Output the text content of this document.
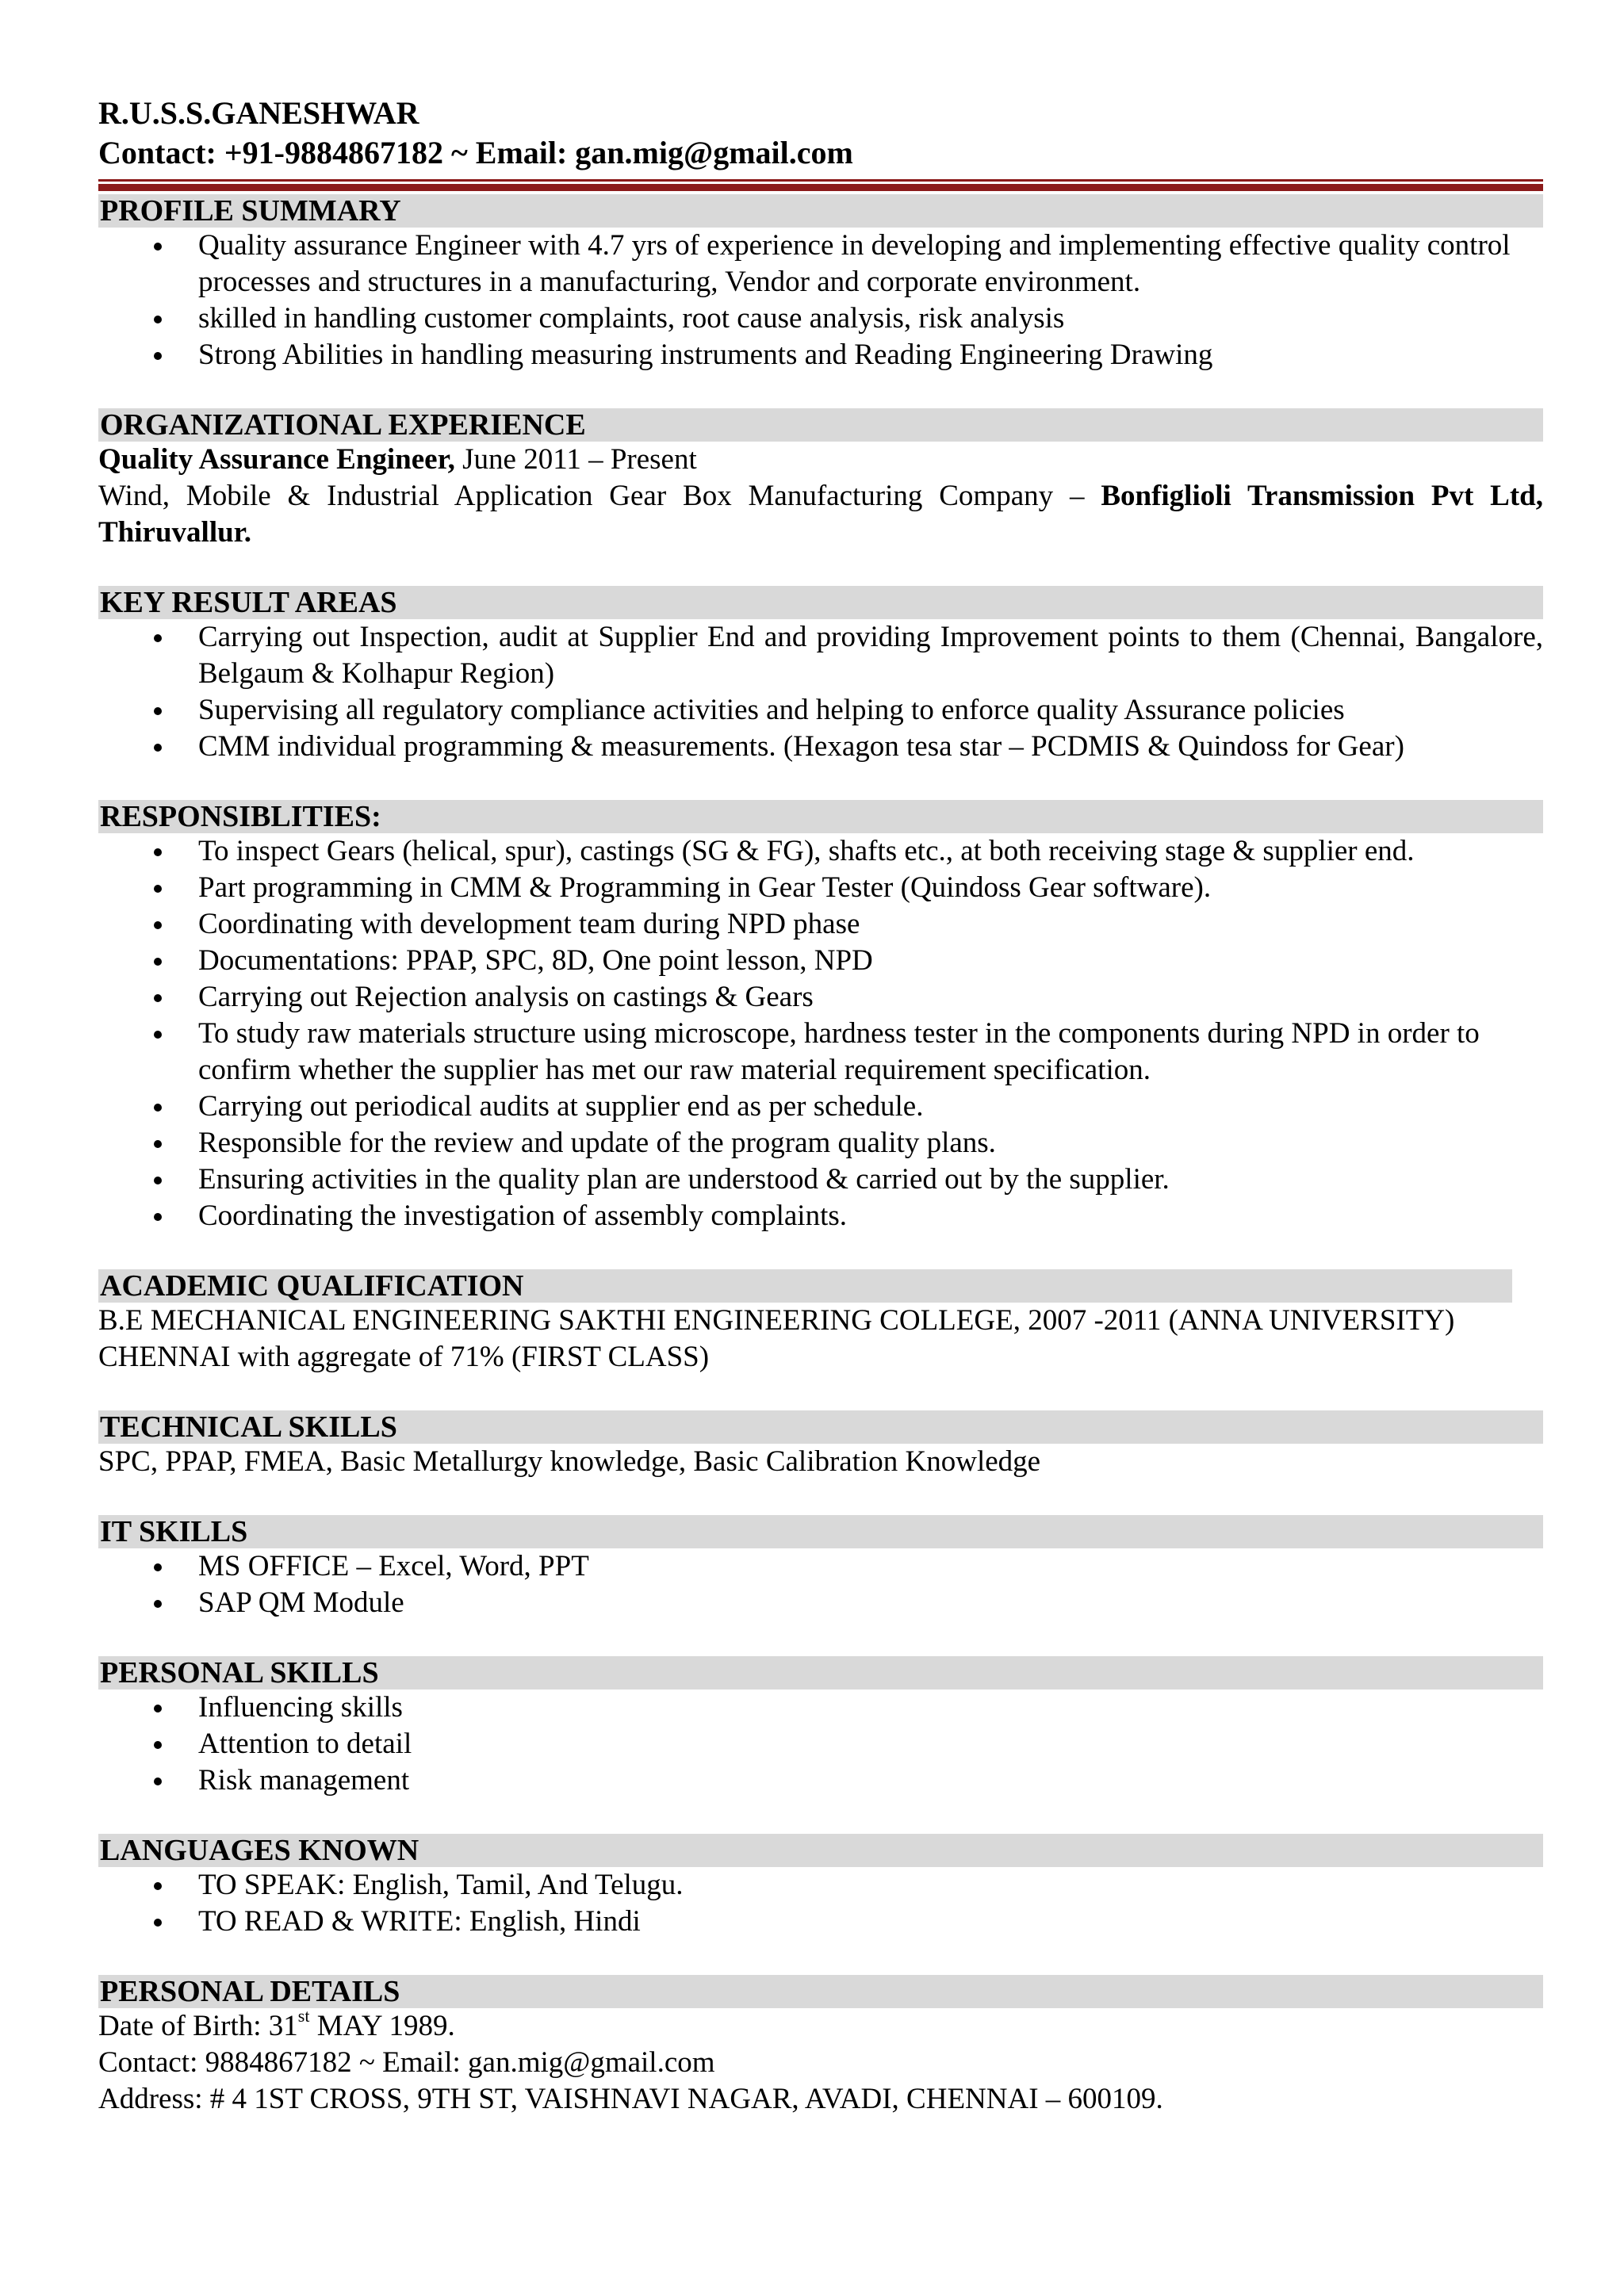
R.U.S.S.GANESHWAR
Contact: +91-9884867182 ~ Email: gan.mig@gmail.com
PROFILE SUMMARY
Quality assurance Engineer with 4.7 yrs of experience in developing and implementing effective quality control processes and structures in a manufacturing, Vendor and corporate environment.
skilled in handling customer complaints, root cause analysis, risk analysis
Strong Abilities in handling measuring instruments and Reading Engineering Drawing
ORGANIZATIONAL EXPERIENCE
Quality Assurance Engineer, June 2011 – Present
Wind, Mobile & Industrial Application Gear Box Manufacturing Company – Bonfiglioli Transmission Pvt Ltd, Thiruvallur.
KEY RESULT AREAS
Carrying out Inspection, audit at Supplier End and providing Improvement points to them (Chennai, Bangalore, Belgaum & Kolhapur Region)
Supervising all regulatory compliance activities and helping to enforce quality Assurance policies
CMM individual programming & measurements. (Hexagon tesa star – PCDMIS & Quindoss for Gear)
RESPONSIBLITIES:
To inspect Gears (helical, spur), castings (SG & FG), shafts etc., at both receiving stage & supplier end.
Part programming in CMM & Programming in Gear Tester (Quindoss Gear software).
Coordinating with development team during NPD phase
Documentations: PPAP, SPC, 8D, One point lesson, NPD
Carrying out Rejection analysis on castings & Gears
To study raw materials structure using microscope, hardness tester in the components during NPD in order to confirm whether the supplier has met our raw material requirement specification.
Carrying out periodical audits at supplier end as per schedule.
Responsible for the review and update of the program quality plans.
Ensuring activities in the quality plan are understood & carried out by the supplier.
Coordinating the investigation of assembly complaints.
ACADEMIC QUALIFICATION
B.E MECHANICAL ENGINEERING SAKTHI ENGINEERING COLLEGE, 2007 -2011 (ANNA UNIVERSITY)
CHENNAI with aggregate of 71% (FIRST CLASS)
TECHNICAL SKILLS
SPC, PPAP, FMEA, Basic Metallurgy knowledge, Basic Calibration Knowledge
IT SKILLS
MS OFFICE – Excel, Word, PPT
SAP QM Module
PERSONAL SKILLS
Influencing skills
Attention to detail
Risk management
LANGUAGES KNOWN
TO SPEAK: English, Tamil, And Telugu.
TO READ & WRITE: English, Hindi
PERSONAL DETAILS
Date of Birth: 31st MAY 1989.
Contact: 9884867182 ~ Email: gan.mig@gmail.com
Address: # 4 1ST CROSS, 9TH ST, VAISHNAVI NAGAR, AVADI, CHENNAI – 600109.
